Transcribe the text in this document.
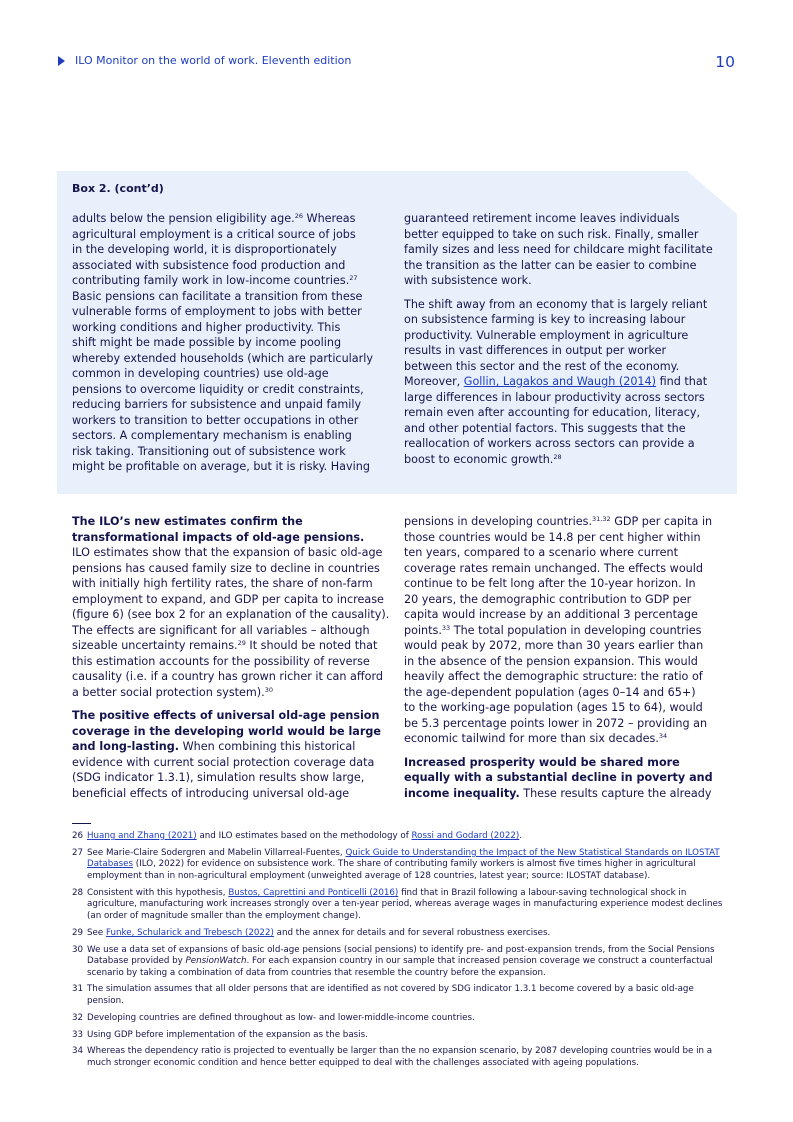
ILO Monitor on the world of work. Eleventh edition	10
Box 2. (cont’d)

adults below the pension eligibility age.$^{26}$ Whereas
agricultural employment is a critical source of jobs
in the developing world, it is disproportionately
associated with subsistence food production and
contributing family work in low-income countries.$^{27}$
Basic pensions can facilitate a transition from these
vulnerable forms of employment to jobs with better
working conditions and higher productivity. This
shift might be made possible by income pooling
whereby extended households (which are particularly
common in developing countries) use old-age
pensions to overcome liquidity or credit constraints,
reducing barriers for subsistence and unpaid family
workers to transition to better occupations in other
sectors. A complementary mechanism is enabling
risk taking. Transitioning out of subsistence work
might be profitable on average, but it is risky. Having

guaranteed retirement income leaves individuals
better equipped to take on such risk. Finally, smaller
family sizes and less need for childcare might facilitate
the transition as the latter can be easier to combine
with subsistence work.

The shift away from an economy that is largely reliant
on subsistence farming is key to increasing labour
productivity. Vulnerable employment in agriculture
results in vast differences in output per worker
between this sector and the rest of the economy.
Moreover, Gollin, Lagakos and Waugh (2014) find that
large differences in labour productivity across sectors
remain even after accounting for education, literacy,
and other potential factors. This suggests that the
reallocation of workers across sectors can provide a
boost to economic growth.$^{28}$

The ILO’s new estimates confirm the
transformational impacts of old-age pensions.
ILO estimates show that the expansion of basic old-age
pensions has caused family size to decline in countries
with initially high fertility rates, the share of non-farm
employment to expand, and GDP per capita to increase
(figure 6) (see box 2 for an explanation of the causality).
The effects are significant for all variables – although
sizeable uncertainty remains.$^{29}$ It should be noted that
this estimation accounts for the possibility of reverse
causality (i.e. if a country has grown richer it can afford
a better social protection system).$^{30}$

The positive effects of universal old-age pension
coverage in the developing world would be large
and long-lasting. When combining this historical
evidence with current social protection coverage data
(SDG indicator 1.3.1), simulation results show large,
beneficial effects of introducing universal old-age

pensions in developing countries.$^{31,32}$ GDP per capita in
those countries would be 14.8 per cent higher within
ten years, compared to a scenario where current
coverage rates remain unchanged. The effects would
continue to be felt long after the 10-year horizon. In
20 years, the demographic contribution to GDP per
capita would increase by an additional 3 percentage
points.$^{33}$ The total population in developing countries
would peak by 2072, more than 30 years earlier than
in the absence of the pension expansion. This would
heavily affect the demographic structure: the ratio of
the age-dependent population (ages 0–14 and 65+)
to the working-age population (ages 15 to 64), would
be 5.3 percentage points lower in 2072 – providing an
economic tailwind for more than six decades.$^{34}$

Increased prosperity would be shared more
equally with a substantial decline in poverty and
income inequality. These results capture the already

26 Huang and Zhang (2021) and ILO estimates based on the methodology of Rossi and Godard (2022).
27 See Marie-Claire Sodergren and Mabelin Villarreal-Fuentes, Quick Guide to Understanding the Impact of the New Statistical Standards on ILOSTAT Databases (ILO, 2022) for evidence on subsistence work. The share of contributing family workers is almost five times higher in agricultural employment than in non-agricultural employment (unweighted average of 128 countries, latest year; source: ILOSTAT database).
28 Consistent with this hypothesis, Bustos, Caprettini and Ponticelli (2016) find that in Brazil following a labour-saving technological shock in agriculture, manufacturing work increases strongly over a ten-year period, whereas average wages in manufacturing experience modest declines (an order of magnitude smaller than the employment change).
29 See Funke, Schularick and Trebesch (2022) and the annex for details and for several robustness exercises.
30 We use a data set of expansions of basic old-age pensions (social pensions) to identify pre- and post-expansion trends, from the Social Pensions Database provided by PensionWatch. For each expansion country in our sample that increased pension coverage we construct a counterfactual scenario by taking a combination of data from countries that resemble the country before the expansion.
31 The simulation assumes that all older persons that are identified as not covered by SDG indicator 1.3.1 become covered by a basic old-age pension.
32 Developing countries are defined throughout as low- and lower-middle-income countries.
33 Using GDP before implementation of the expansion as the basis.
34 Whereas the dependency ratio is projected to eventually be larger than the no expansion scenario, by 2087 developing countries would be in a much stronger economic condition and hence better equipped to deal with the challenges associated with ageing populations.
